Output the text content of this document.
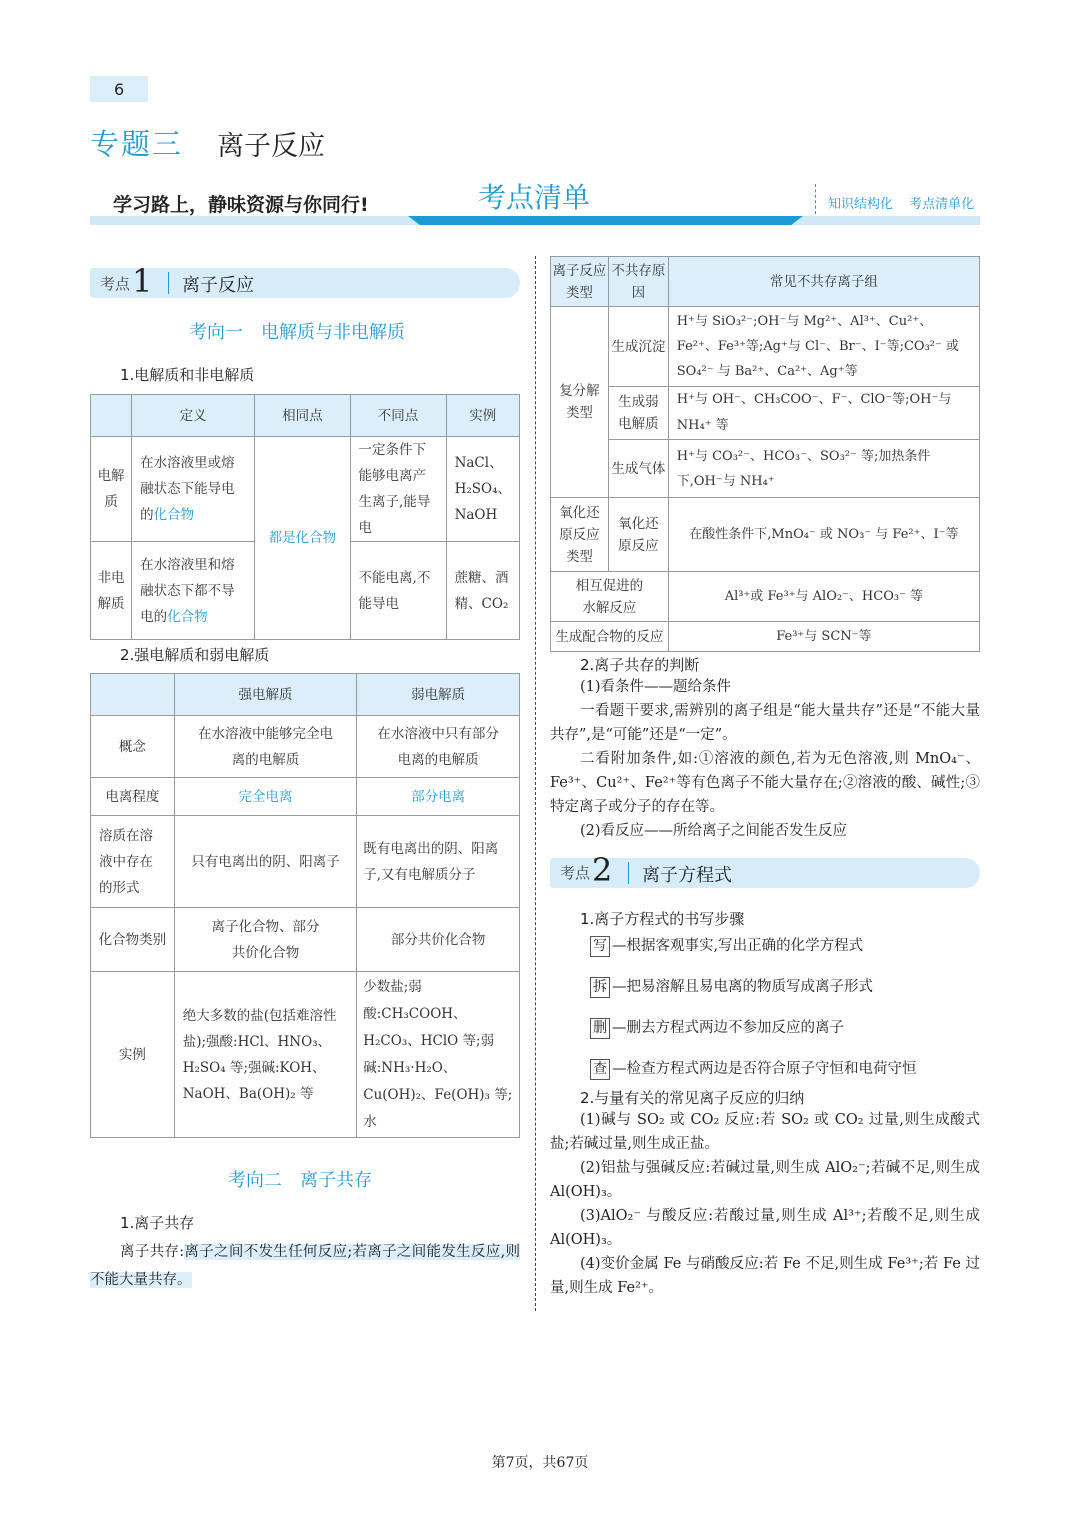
6
专题三 离子反应
学习路上，静味资源与你同行!	考点清单	知识结构化 考点清单化
考点1 离子反应
考向一　电解质与非电解质
1.电解质和非电解质
	定义	相同点	不同点	实例
电解质	在水溶液里或熔融状态下能导电的化合物	都是化合物	一定条件下能够电离产生离子,能导电	NaCl、H₂SO₄、NaOH
非电解质	在水溶液里和熔融状态下都不导电的化合物		不能电离,不能导电	蔗糖、酒精、CO₂
2.强电解质和弱电解质
	强电解质	弱电解质
概念	在水溶液中能够完全电离的电解质	在水溶液中只有部分电离的电解质
电离程度	完全电离	部分电离
溶质在溶液中存在的形式	只有电离出的阴、阳离子	既有电离出的阴、阳离子,又有电解质分子
化合物类别	离子化合物、部分共价化合物	部分共价化合物
实例	绝大多数的盐(包括难溶性盐);强酸:HCl、HNO₃、H₂SO₄ 等;强碱:KOH、NaOH、Ba(OH)₂ 等	少数盐;弱酸:CH₃COOH、H₂CO₃、HClO 等;弱碱:NH₃·H₂O、Cu(OH)₂、Fe(OH)₃ 等;水
考向二　离子共存
1.离子共存
离子共存:离子之间不发生任何反应;若离子之间能发生反应,则不能大量共存。
离子反应类型	不共存原因	常见不共存离子组
复分解类型	生成沉淀	H⁺与 SiO₃²⁻;OH⁻与 Mg²⁺、Al³⁺、Cu²⁺、Fe²⁺、Fe³⁺等;Ag⁺与 Cl⁻、Br⁻、I⁻等;CO₃²⁻ 或 SO₄²⁻ 与 Ba²⁺、Ca²⁺、Ag⁺等
	生成弱电解质	H⁺与 OH⁻、CH₃COO⁻、F⁻、ClO⁻等;OH⁻与 NH₄⁺ 等
	生成气体	H⁺与 CO₃²⁻、HCO₃⁻、SO₃²⁻ 等;加热条件下,OH⁻与 NH₄⁺
氧化还原反应类型	氧化还原反应	在酸性条件下,MnO₄⁻ 或 NO₃⁻ 与 Fe²⁺、I⁻等
相互促进的水解反应		Al³⁺或 Fe³⁺与 AlO₂⁻、HCO₃⁻ 等
生成配合物的反应		Fe³⁺与 SCN⁻等
2.离子共存的判断
(1)看条件——题给条件
一看题干要求,需辨别的离子组是“能大量共存”还是“不能大量共存”,是“可能”还是“一定”。
二看附加条件,如:①溶液的颜色,若为无色溶液,则 MnO₄⁻、Fe³⁺、Cu²⁺、Fe²⁺等有色离子不能大量存在;②溶液的酸、碱性;③特定离子或分子的存在等。
(2)看反应——所给离子之间能否发生反应
考点2 离子方程式
1.离子方程式的书写步骤
写 —根据客观事实,写出正确的化学方程式
拆 —把易溶解且易电离的物质写成离子形式
删 —删去方程式两边不参加反应的离子
查 —检查方程式两边是否符合原子守恒和电荷守恒
2.与量有关的常见离子反应的归纳
(1)碱与 SO₂ 或 CO₂ 反应:若 SO₂ 或 CO₂ 过量,则生成酸式盐;若碱过量,则生成正盐。
(2)铝盐与强碱反应:若碱过量,则生成 AlO₂⁻;若碱不足,则生成 Al(OH)₃。
(3)AlO₂⁻ 与酸反应:若酸过量,则生成 Al³⁺;若酸不足,则生成 Al(OH)₃。
(4)变价金属 Fe 与硝酸反应:若 Fe 不足,则生成 Fe³⁺;若 Fe 过量,则生成 Fe²⁺。
第7页，共67页
